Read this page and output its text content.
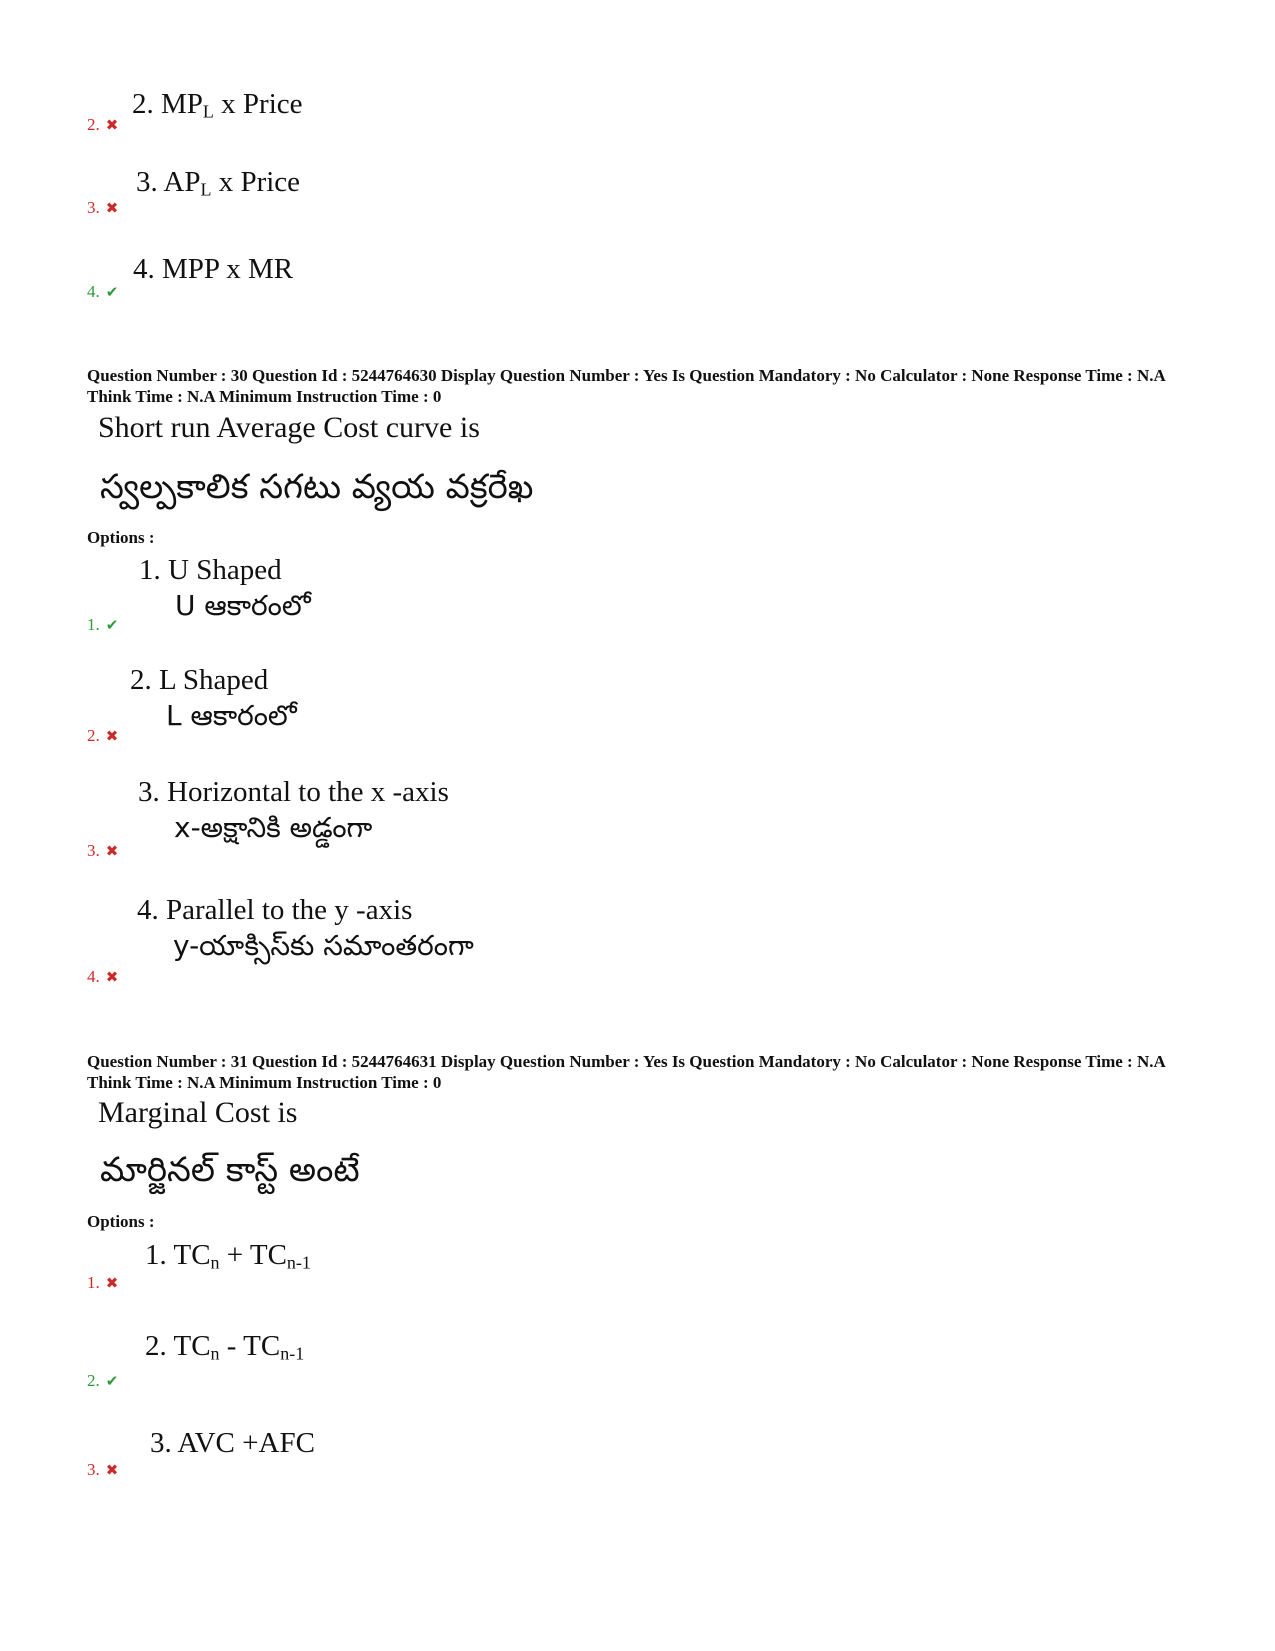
2. $MP_L$ x Price
2. ✖
3. $AP_L$ x Price
3. ✖
4. MPP x MR
4. ✔
Question Number : 30 Question Id : 5244764630 Display Question Number : Yes Is Question Mandatory : No Calculator : None Response Time : N.A Think Time : N.A Minimum Instruction Time : 0
Short run Average Cost curve is
స్వల్పకాలిక సగటు వ్యయ వక్రరేఖ
Options :
1. U Shaped
U ఆకారంలో
1. ✔
2. L Shaped
L ఆకారంలో
2. ✖
3. Horizontal to the x -axis
x-అక్షానికి అడ్డంగా
3. ✖
4. Parallel to the y -axis
y-యాక్సిస్‌కు సమాంతరంగా
4. ✖
Question Number : 31 Question Id : 5244764631 Display Question Number : Yes Is Question Mandatory : No Calculator : None Response Time : N.A Think Time : N.A Minimum Instruction Time : 0
Marginal Cost is
మార్జినల్ కాస్ట్ అంటే
Options :
1. $TC_n + TC_{n-1}$
1. ✖
2. $TC_n - TC_{n-1}$
2. ✔
3. AVC +AFC
3. ✖
